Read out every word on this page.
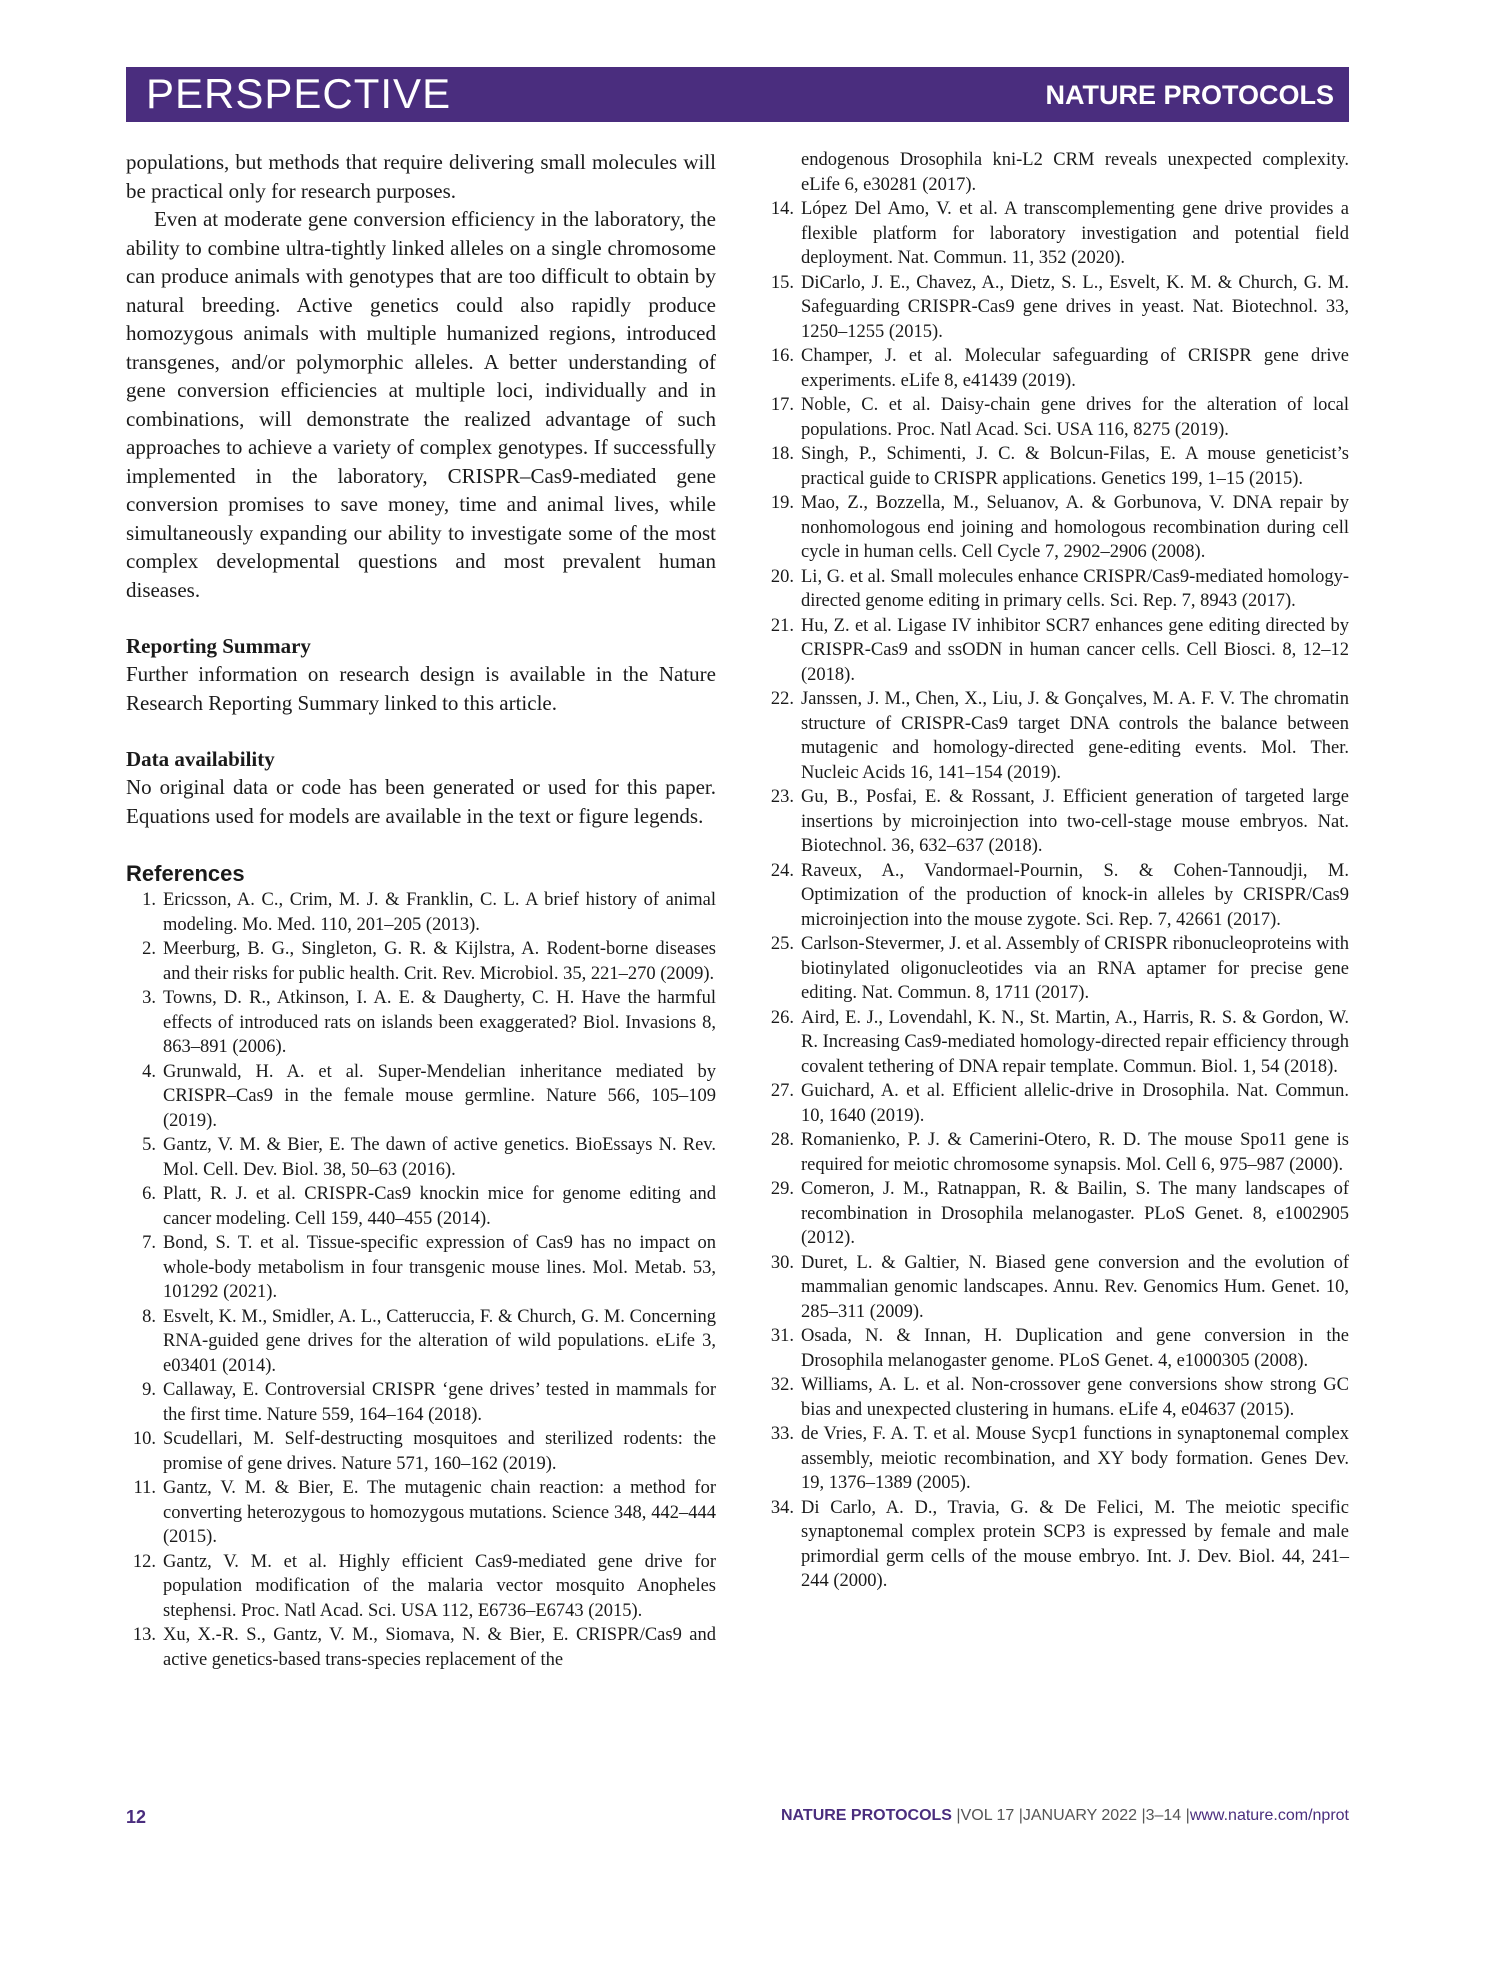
PERSPECTIVE	NATURE PROTOCOLS

populations, but methods that require delivering small molecules will be practical only for research purposes.

Even at moderate gene conversion efficiency in the laboratory, the ability to combine ultra-tightly linked alleles on a single chromosome can produce animals with genotypes that are too difficult to obtain by natural breeding. Active genetics could also rapidly produce homozygous animals with multiple humanized regions, introduced transgenes, and/or polymorphic alleles. A better understanding of gene conversion efficiencies at multiple loci, individually and in combinations, will demonstrate the realized advantage of such approaches to achieve a variety of complex genotypes. If successfully implemented in the laboratory, CRISPR–Cas9-mediated gene conversion promises to save money, time and animal lives, while simultaneously expanding our ability to investigate some of the most complex developmental questions and most prevalent human diseases.

Reporting Summary

Further information on research design is available in the Nature Research Reporting Summary linked to this article.

Data availability

No original data or code has been generated or used for this paper. Equations used for models are available in the text or figure legends.

References

1. Ericsson, A. C., Crim, M. J. & Franklin, C. L. A brief history of animal modeling. Mo. Med. 110, 201–205 (2013).
2. Meerburg, B. G., Singleton, G. R. & Kijlstra, A. Rodent-borne diseases and their risks for public health. Crit. Rev. Microbiol. 35, 221–270 (2009).
3. Towns, D. R., Atkinson, I. A. E. & Daugherty, C. H. Have the harmful effects of introduced rats on islands been exaggerated? Biol. Invasions 8, 863–891 (2006).
4. Grunwald, H. A. et al. Super-Mendelian inheritance mediated by CRISPR–Cas9 in the female mouse germline. Nature 566, 105–109 (2019).
5. Gantz, V. M. & Bier, E. The dawn of active genetics. BioEssays N. Rev. Mol. Cell. Dev. Biol. 38, 50–63 (2016).
6. Platt, R. J. et al. CRISPR-Cas9 knockin mice for genome editing and cancer modeling. Cell 159, 440–455 (2014).
7. Bond, S. T. et al. Tissue-specific expression of Cas9 has no impact on whole-body metabolism in four transgenic mouse lines. Mol. Metab. 53, 101292 (2021).
8. Esvelt, K. M., Smidler, A. L., Catteruccia, F. & Church, G. M. Concerning RNA-guided gene drives for the alteration of wild populations. eLife 3, e03401 (2014).
9. Callaway, E. Controversial CRISPR ‘gene drives’ tested in mammals for the first time. Nature 559, 164–164 (2018).
10. Scudellari, M. Self-destructing mosquitoes and sterilized rodents: the promise of gene drives. Nature 571, 160–162 (2019).
11. Gantz, V. M. & Bier, E. The mutagenic chain reaction: a method for converting heterozygous to homozygous mutations. Science 348, 442–444 (2015).
12. Gantz, V. M. et al. Highly efficient Cas9-mediated gene drive for population modification of the malaria vector mosquito Anopheles stephensi. Proc. Natl Acad. Sci. USA 112, E6736–E6743 (2015).
13. Xu, X.-R. S., Gantz, V. M., Siomava, N. & Bier, E. CRISPR/Cas9 and active genetics-based trans-species replacement of the
endogenous Drosophila kni-L2 CRM reveals unexpected complexity. eLife 6, e30281 (2017).
14. López Del Amo, V. et al. A transcomplementing gene drive provides a flexible platform for laboratory investigation and potential field deployment. Nat. Commun. 11, 352 (2020).
15. DiCarlo, J. E., Chavez, A., Dietz, S. L., Esvelt, K. M. & Church, G. M. Safeguarding CRISPR-Cas9 gene drives in yeast. Nat. Biotechnol. 33, 1250–1255 (2015).
16. Champer, J. et al. Molecular safeguarding of CRISPR gene drive experiments. eLife 8, e41439 (2019).
17. Noble, C. et al. Daisy-chain gene drives for the alteration of local populations. Proc. Natl Acad. Sci. USA 116, 8275 (2019).
18. Singh, P., Schimenti, J. C. & Bolcun-Filas, E. A mouse geneticist’s practical guide to CRISPR applications. Genetics 199, 1–15 (2015).
19. Mao, Z., Bozzella, M., Seluanov, A. & Gorbunova, V. DNA repair by nonhomologous end joining and homologous recombination during cell cycle in human cells. Cell Cycle 7, 2902–2906 (2008).
20. Li, G. et al. Small molecules enhance CRISPR/Cas9-mediated homology-directed genome editing in primary cells. Sci. Rep. 7, 8943 (2017).
21. Hu, Z. et al. Ligase IV inhibitor SCR7 enhances gene editing directed by CRISPR-Cas9 and ssODN in human cancer cells. Cell Biosci. 8, 12–12 (2018).
22. Janssen, J. M., Chen, X., Liu, J. & Gonçalves, M. A. F. V. The chromatin structure of CRISPR-Cas9 target DNA controls the balance between mutagenic and homology-directed gene-editing events. Mol. Ther. Nucleic Acids 16, 141–154 (2019).
23. Gu, B., Posfai, E. & Rossant, J. Efficient generation of targeted large insertions by microinjection into two-cell-stage mouse embryos. Nat. Biotechnol. 36, 632–637 (2018).
24. Raveux, A., Vandormael-Pournin, S. & Cohen-Tannoudji, M. Optimization of the production of knock-in alleles by CRISPR/Cas9 microinjection into the mouse zygote. Sci. Rep. 7, 42661 (2017).
25. Carlson-Stevermer, J. et al. Assembly of CRISPR ribonucleoproteins with biotinylated oligonucleotides via an RNA aptamer for precise gene editing. Nat. Commun. 8, 1711 (2017).
26. Aird, E. J., Lovendahl, K. N., St. Martin, A., Harris, R. S. & Gordon, W. R. Increasing Cas9-mediated homology-directed repair efficiency through covalent tethering of DNA repair template. Commun. Biol. 1, 54 (2018).
27. Guichard, A. et al. Efficient allelic-drive in Drosophila. Nat. Commun. 10, 1640 (2019).
28. Romanienko, P. J. & Camerini-Otero, R. D. The mouse Spo11 gene is required for meiotic chromosome synapsis. Mol. Cell 6, 975–987 (2000).
29. Comeron, J. M., Ratnappan, R. & Bailin, S. The many landscapes of recombination in Drosophila melanogaster. PLoS Genet. 8, e1002905 (2012).
30. Duret, L. & Galtier, N. Biased gene conversion and the evolution of mammalian genomic landscapes. Annu. Rev. Genomics Hum. Genet. 10, 285–311 (2009).
31. Osada, N. & Innan, H. Duplication and gene conversion in the Drosophila melanogaster genome. PLoS Genet. 4, e1000305 (2008).
32. Williams, A. L. et al. Non-crossover gene conversions show strong GC bias and unexpected clustering in humans. eLife 4, e04637 (2015).
33. de Vries, F. A. T. et al. Mouse Sycp1 functions in synaptonemal complex assembly, meiotic recombination, and XY body formation. Genes Dev. 19, 1376–1389 (2005).
34. Di Carlo, A. D., Travia, G. & De Felici, M. The meiotic specific synaptonemal complex protein SCP3 is expressed by female and male primordial germ cells of the mouse embryo. Int. J. Dev. Biol. 44, 241–244 (2000).
12	NATURE PROTOCOLS |VOL 17 |JANUARY 2022 |3–14 |www.nature.com/nprot
